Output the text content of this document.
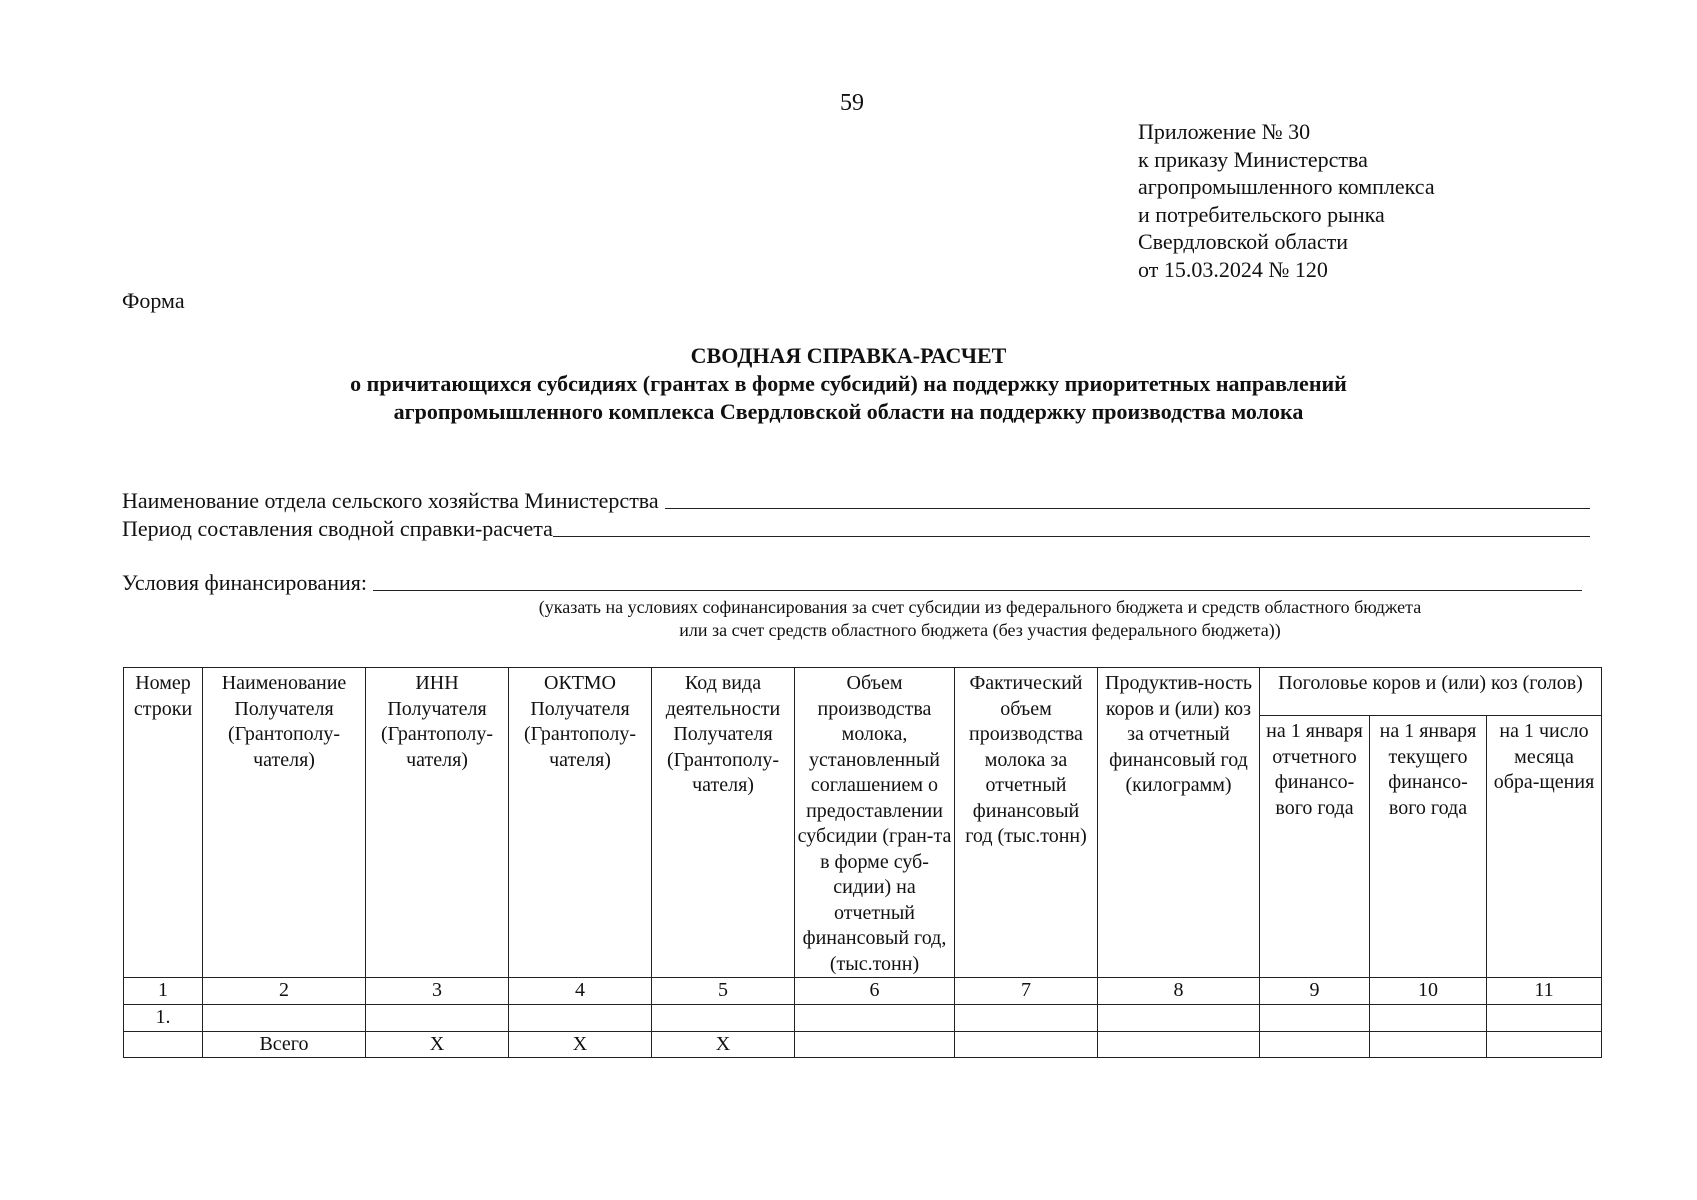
59
Приложение № 30
к приказу Министерства
агропромышленного комплекса
и потребительского рынка
Свердловской области
от 15.03.2024 № 120
Форма
СВОДНАЯ СПРАВКА-РАСЧЕТ
о причитающихся субсидиях (грантах в форме субсидий) на поддержку приоритетных направлений
агропромышленного комплекса Свердловской области на поддержку производства молока
Наименование отдела сельского хозяйства Министерства
Период составления сводной справки-расчета
Условия финансирования:
(указать на условиях софинансирования за счет субсидии из федерального бюджета и средств областного бюджета
или за счет средств областного бюджета (без участия федерального бюджета))
Номер строки	Наименование Получателя (Грантополу-чателя)	ИНН Получателя (Грантополу-чателя)	ОКТМО Получателя (Грантополу-чателя)	Код вида деятельности Получателя (Грантополу-чателя)	Объем производства молока, установленный соглашением о предоставлении субсидии (гран-та в форме суб-сидии) на отчетный финансовый год, (тыс.тонн)	Фактический объем производства молока за отчетный финансовый год (тыс.тонн)	Продуктив-ность коров и (или) коз за отчетный финансовый год (килограмм)	Поголовье коров и (или) коз (голов)		
								на 1 января отчетного финансо-вого года	на 1 января текущего финансо-вого года	на 1 число месяца обра-щения
1	2	3	4	5	6	7	8	9	10	11
1.										
	Всего	Х	Х	Х						
